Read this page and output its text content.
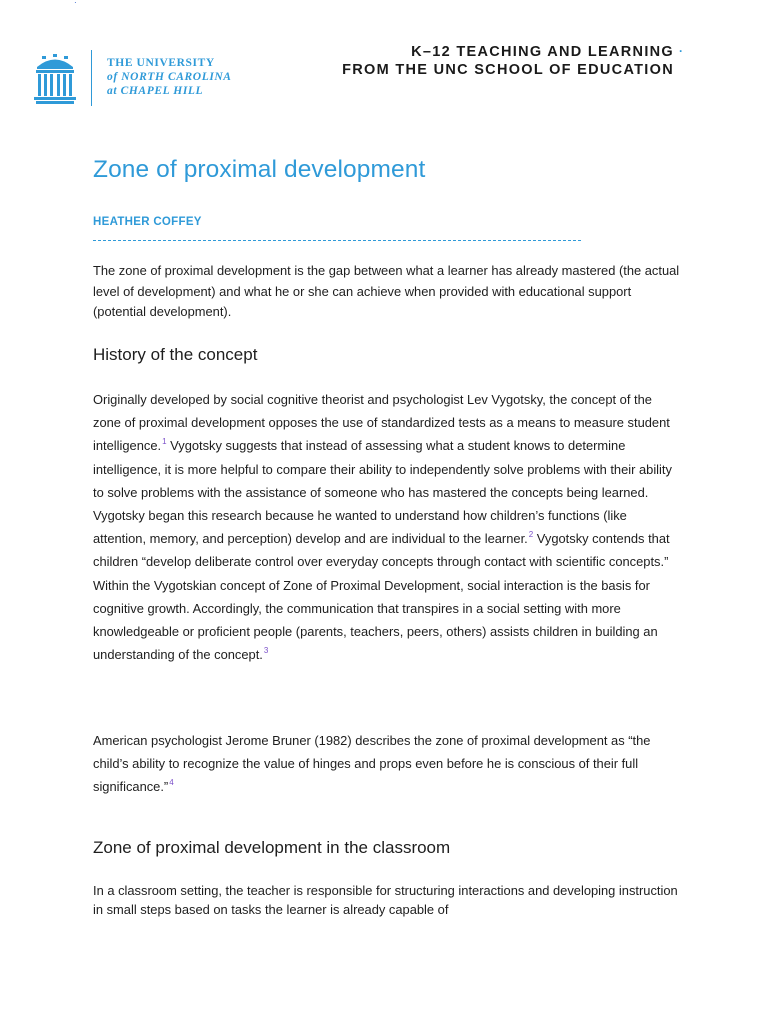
·
THE UNIVERSITY
of NORTH CAROLINA
at CHAPEL HILL
K–12 TEACHING AND LEARNING
FROM THE UNC SCHOOL OF EDUCATION
·
Zone of proximal development
HEATHER COFFEY

The zone of proximal development is the gap between what a learner has already mastered (the actual level of development) and what he or she can achieve when provided with educational support (potential development).

History of the concept

Originally developed by social cognitive theorist and psychologist Lev Vygotsky, the concept of the zone of proximal development opposes the use of standardized tests as a means to measure student intelligence.$^1$ Vygotsky suggests that instead of assessing what a student knows to determine intelligence, it is more helpful to compare their ability to independently solve problems with their ability to solve problems with the assistance of someone who has mastered the concepts being learned. Vygotsky began this research because he wanted to understand how children’s functions (like attention, memory, and perception) develop and are individual to the learner.$^2$ Vygotsky contends that children “develop deliberate control over everyday concepts through contact with scientific concepts.” Within the Vygotskian concept of Zone of Proximal Development, social interaction is the basis for cognitive growth. Accordingly, the communication that transpires in a social setting with more knowledgeable or proficient people (parents, teachers, peers, others) assists children in building an understanding of the concept.$^3$

American psychologist Jerome Bruner (1982) describes the zone of proximal development as “the child’s ability to recognize the value of hinges and props even before he is conscious of their full significance.”$^4$

Zone of proximal development in the classroom

In a classroom setting, the teacher is responsible for structuring interactions and developing instruction in small steps based on tasks the learner is already capable of
